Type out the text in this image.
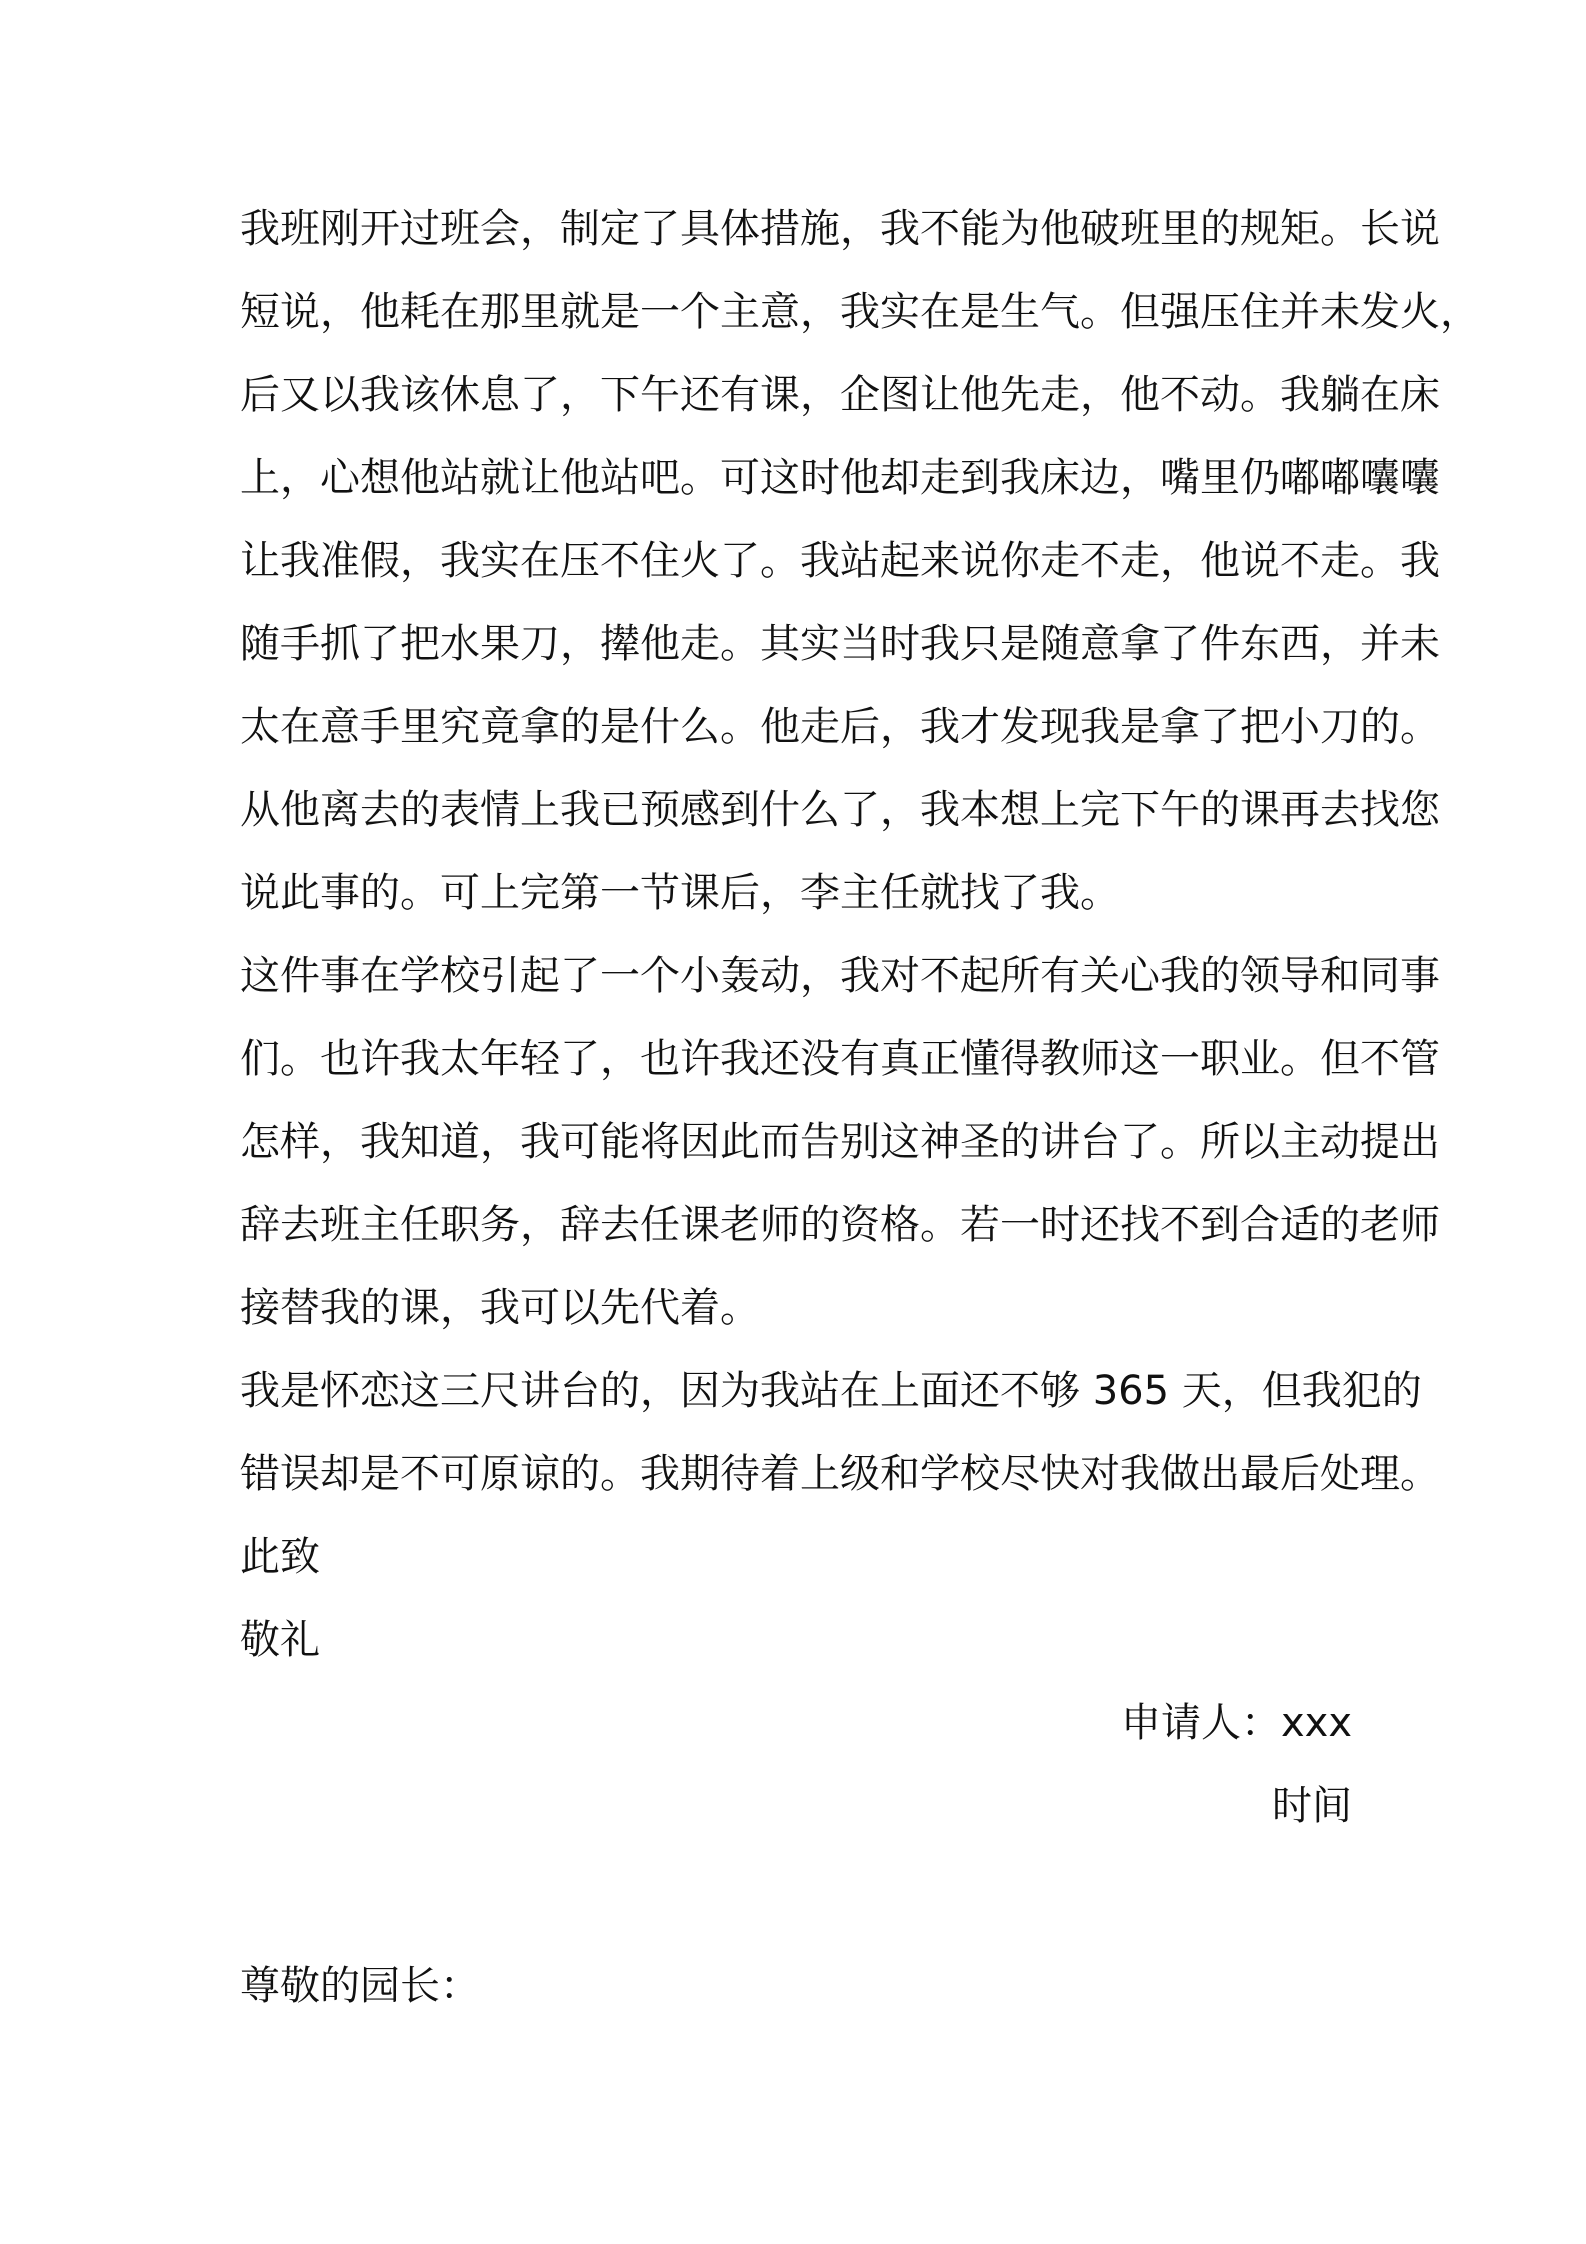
我班刚开过班会，制定了具体措施，我不能为他破班里的规矩。长说
短说，他耗在那里就是一个主意，我实在是生气。但强压住并未发火，
后又以我该休息了，下午还有课，企图让他先走，他不动。我躺在床
上，心想他站就让他站吧。可这时他却走到我床边，嘴里仍嘟嘟囔囔
让我准假，我实在压不住火了。我站起来说你走不走，他说不走。我
随手抓了把水果刀，撵他走。其实当时我只是随意拿了件东西，并未
太在意手里究竟拿的是什么。他走后，我才发现我是拿了把小刀的。
从他离去的表情上我已预感到什么了，我本想上完下午的课再去找您
说此事的。可上完第一节课后，李主任就找了我。
这件事在学校引起了一个小轰动，我对不起所有关心我的领导和同事
们。也许我太年轻了，也许我还没有真正懂得教师这一职业。但不管
怎样，我知道，我可能将因此而告别这神圣的讲台了。所以主动提出
辞去班主任职务，辞去任课老师的资格。若一时还找不到合适的老师
接替我的课，我可以先代着。
我是怀恋这三尺讲台的，因为我站在上面还不够 365 天，但我犯的
错误却是不可原谅的。我期待着上级和学校尽快对我做出最后处理。
此致
敬礼
申请人：xxx
时间
尊敬的园长：
